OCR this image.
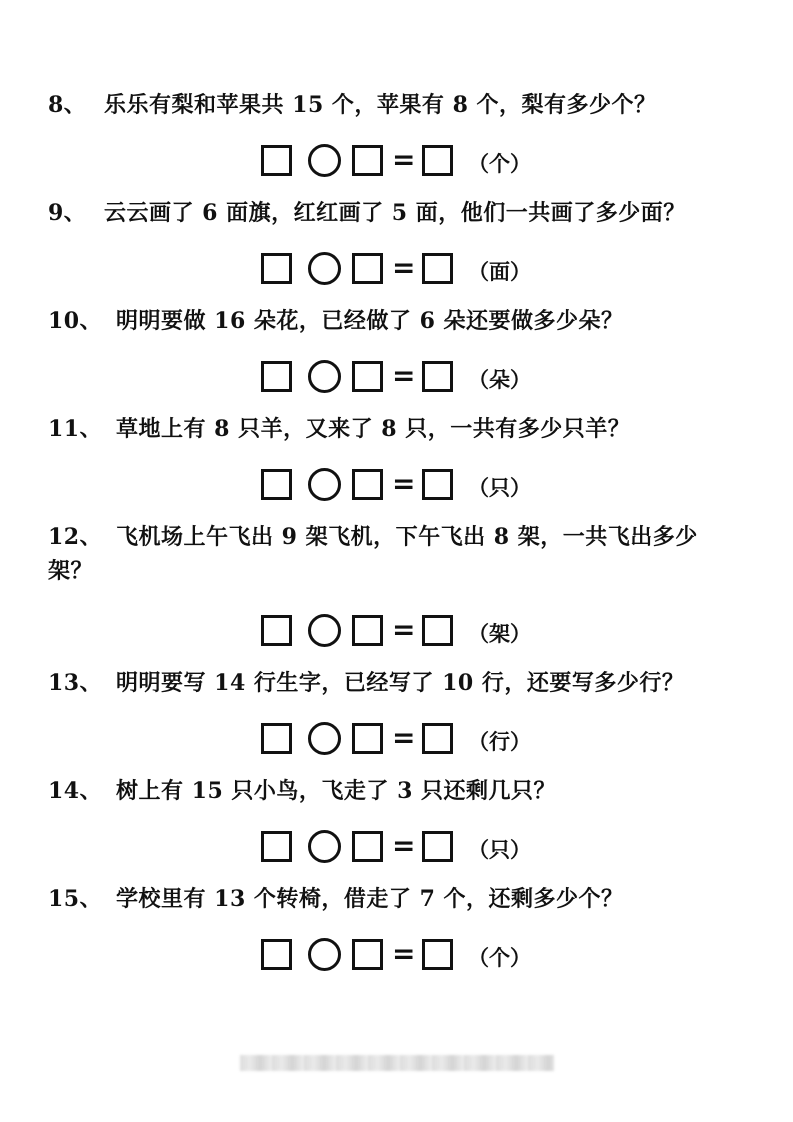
8、 乐乐有梨和苹果共 15 个，苹果有 8 个，梨有多少个？
=	（个）
9、 云云画了 6 面旗，红红画了 5 面，他们一共画了多少面？
=	（面）
10、 明明要做 16 朵花，已经做了 6 朵还要做多少朵？
=	（朵）
11、 草地上有 8 只羊，又来了 8 只，一共有多少只羊？
=	（只）
12、 飞机场上午飞出 9 架飞机，下午飞出 8 架，一共飞出多少架？
=	（架）
13、 明明要写 14 行生字，已经写了 10 行，还要写多少行？
=	（行）
14、 树上有 15 只小鸟，飞走了 3 只还剩几只？
=	（只）
15、 学校里有 13 个转椅，借走了 7 个，还剩多少个？
=	（个）
